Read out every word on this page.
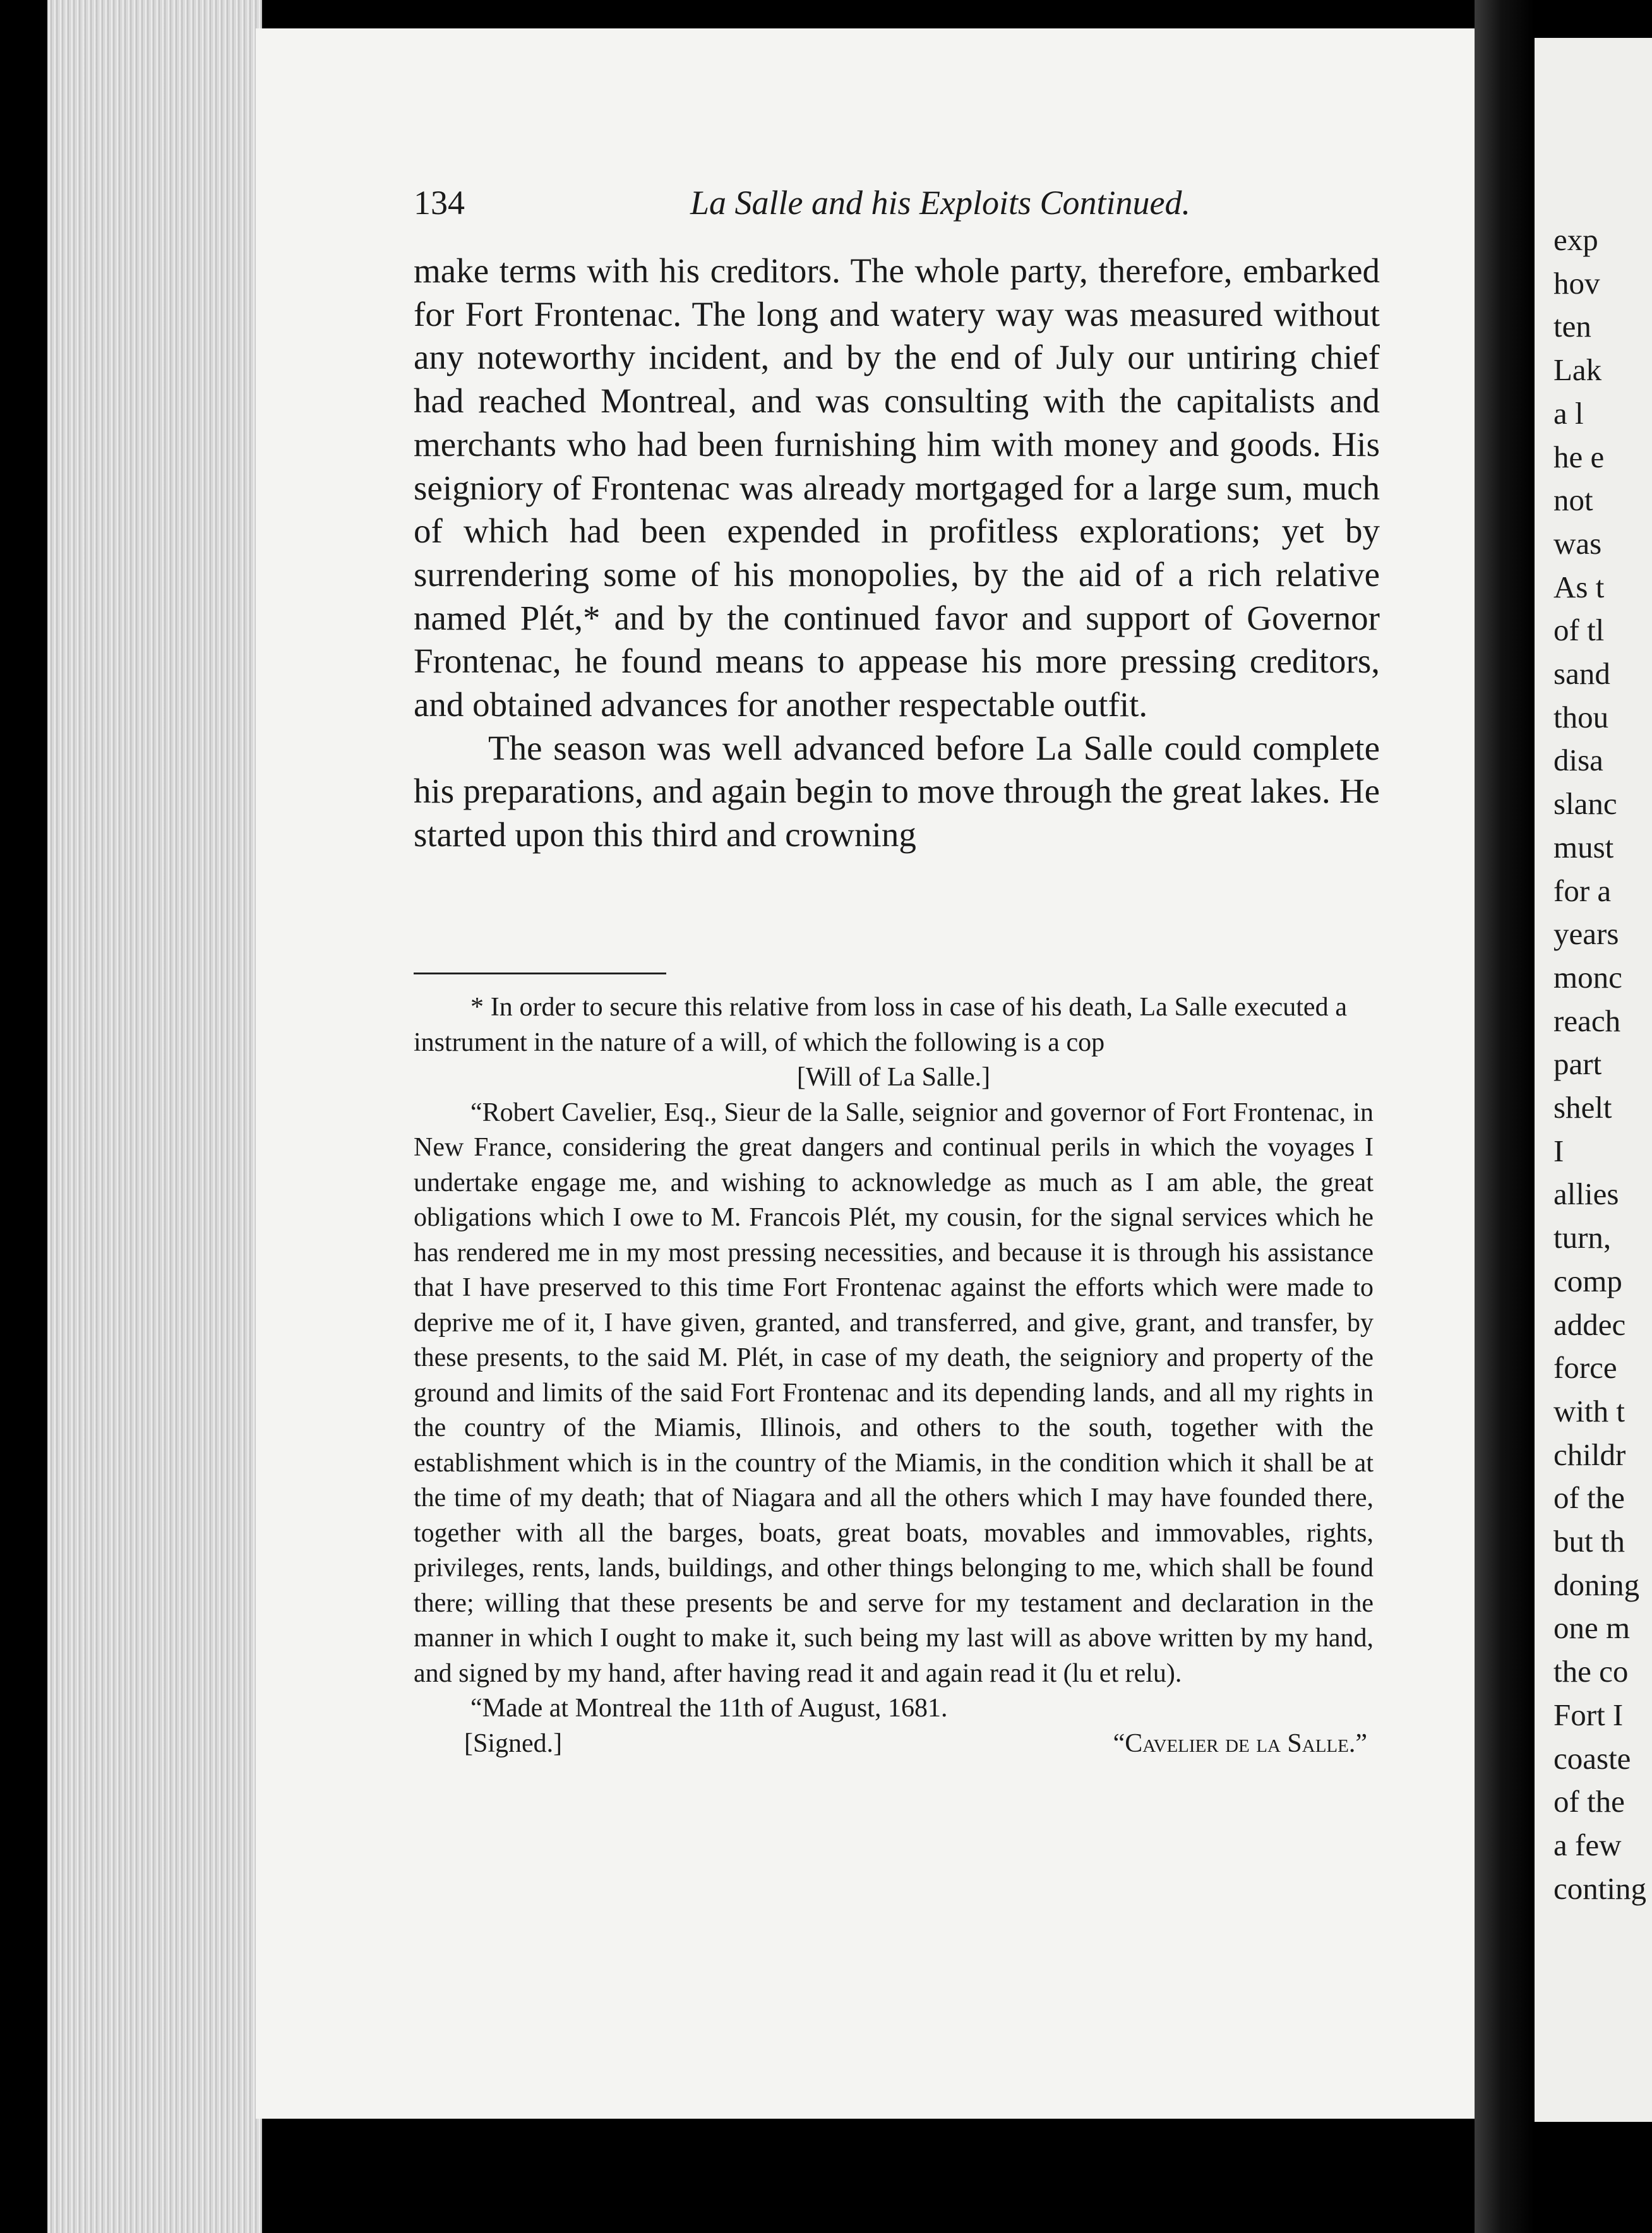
exp
hov
ten
Lak
a l
he e
not
was
As t
of tl
sand
thou
disa
slanc
must
for a
years
monc
reach
part
shelt
I
allies
turn,
comp
addec
force
with t
childr
of the
but th
doning
one m
the co
Fort I
coaste
of the
a few
conting
134	La Salle and his Exploits Continued.

make terms with his creditors. The whole party, therefore, embarked for Fort Frontenac. The long and watery way was measured without any noteworthy incident, and by the end of July our untiring chief had reached Montreal, and was consulting with the capitalists and merchants who had been furnishing him with money and goods. His seigniory of Frontenac was already mortgaged for a large sum, much of which had been expended in profitless explorations; yet by surrendering some of his monopolies, by the aid of a rich relative named Plét,* and by the continued favor and support of Governor Frontenac, he found means to appease his more pressing creditors, and obtained advances for another respectable outfit.

The season was well advanced before La Salle could complete his preparations, and again begin to move through the great lakes. He started upon this third and crowning

* In order to secure this relative from loss in case of his death, La Salle executed a  instrument in the nature of a will, of which the following is a cop

[Will of La Salle.]

“Robert Cavelier, Esq., Sieur de la Salle, seignior and governor of Fort Frontenac, in New France, considering the great dangers and continual perils in which the voyages I undertake engage me, and wishing to acknowledge as much as I am able, the great obligations which I owe to M. Francois Plét, my cousin, for the signal services which he has rendered me in my most pressing necessities, and because it is through his assistance that I have preserved to this time Fort Frontenac against the efforts which were made to deprive me of it, I have given, granted, and transferred, and give, grant, and transfer, by these presents, to the said M. Plét, in case of my death, the seigniory and property of the ground and limits of the said Fort Frontenac and its depending lands, and all my rights in the country of the Miamis, Illinois, and others to the south, together with the establishment which is in the country of the Miamis, in the condition which it shall be at the time of my death; that of Niagara and all the others which I may have founded there, together with all the barges, boats, great boats, movables and immovables, rights, privileges, rents, lands, buildings, and other things belonging to me, which shall be found there; willing that these presents be and serve for my testament and declaration in the manner in which I ought to make it, such being my last will as above written by my hand, and signed by my hand, after having read it and again read it (lu et relu).

“Made at Montreal the 11th of August, 1681.

[Signed.]	“Cavelier de la Salle.”
